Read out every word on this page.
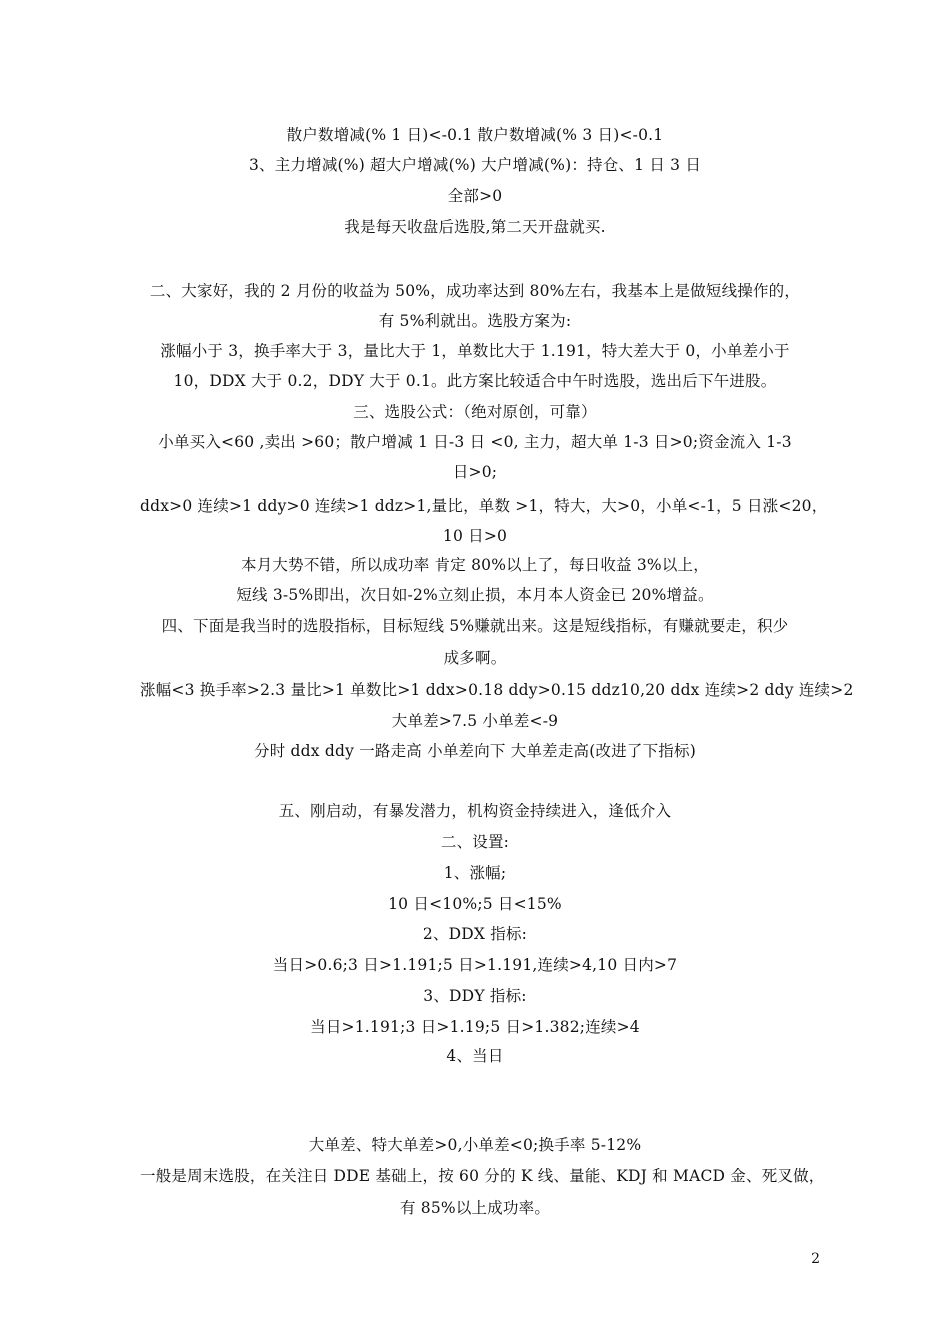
散户数增减(% 1 日)<-0.1 散户数增减(% 3 日)<-0.1
3、主力增减(%) 超大户增减(%) 大户增减(%)：持仓、1 日 3 日
全部>0
我是每天收盘后选股,第二天开盘就买.
二、大家好，我的 2 月份的收益为 50%，成功率达到 80%左右，我基本上是做短线操作的，
有 5%利就出。选股方案为:
涨幅小于 3，换手率大于 3，量比大于 1，单数比大于 1.191，特大差大于 0，小单差小于
10，DDX 大于 0.2，DDY 大于 0.1。此方案比较适合中午时选股，选出后下午进股。
三、选股公式：（绝对原创，可靠）
小单买入<60 ,卖出 >60；散户增减 1 日-3 日 <0, 主力，超大单 1-3 日>0;资金流入 1-3
日>0;
ddx>0 连续>1 ddy>0 连续>1 ddz>1,量比，单数 >1，特大，大>0，小单<-1，5 日涨<20，
10 日>0
本月大势不错，所以成功率 肯定 80%以上了，每日收益 3%以上，
短线 3-5%即出，次日如-2%立刻止损，本月本人资金已 20%增益。
四、下面是我当时的选股指标，目标短线 5%赚就出来。这是短线指标，有赚就要走，积少
成多啊。
涨幅<3 换手率>2.3 量比>1 单数比>1 ddx>0.18 ddy>0.15 ddz10,20 ddx 连续>2 ddy 连续>2
大单差>7.5 小单差<-9
分时 ddx ddy 一路走高 小单差向下 大单差走高(改进了下指标)
五、刚启动，有暴发潜力，机构资金持续进入，逢低介入
二、设置:
1、涨幅;
10 日<10%;5 日<15%
2、DDX 指标:
当日>0.6;3 日>1.191;5 日>1.191,连续>4,10 日内>7
3、DDY 指标:
当日>1.191;3 日>1.19;5 日>1.382;连续>4
4、当日
大单差、特大单差>0,小单差<0;换手率 5-12%
一般是周末选股，在关注日 DDE 基础上，按 60 分的 K 线、量能、KDJ 和 MACD 金、死叉做，
有 85%以上成功率。
2
